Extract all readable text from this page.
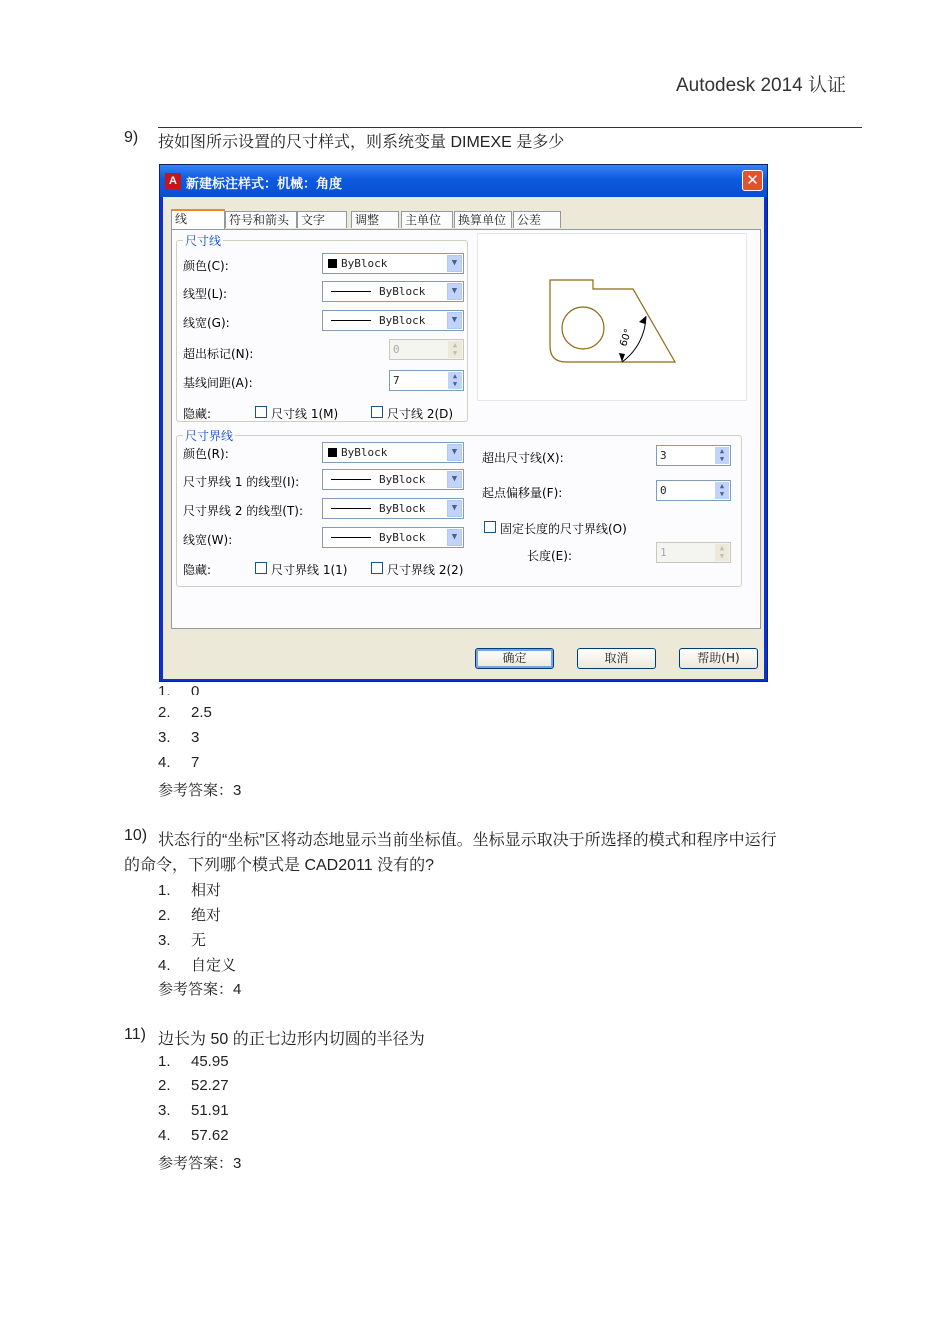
Autodesk 2014 认证
9) 按如图所示设置的尺寸样式，则系统变量 DIMEXE 是多少
A 新建标注样式：机械：角度	✕
线	符号和箭头 文字	调整	主单位	换算单位 公差
尺寸线
颜色(C):	ByBlock	▼
线型(L):	ByBlock	▼
线宽(G):	ByBlock	▼
超出标记(N):	0	▲
▼
基线间距(A):	7	▲
▼
隐藏:	尺寸线 1(M)	尺寸线 2(D)
60°
尺寸界线
颜色(R):	ByBlock	▼
尺寸界线 1 的线型(I):	ByBlock	▼
尺寸界线 2 的线型(T):	ByBlock	▼
线宽(W):	ByBlock	▼
隐藏:	尺寸界线 1(1)	尺寸界线 2(2)
超出尺寸线(X):	3	▲
▼
起点偏移量(F):	0	▲
▼
固定长度的尺寸界线(O)
长度(E):	1	▲
▼
确定	取消	帮助(H)
2. 2.5
3. 3
4. 7
1. 0
参考答案：3
10) 状态行的“坐标”区将动态地显示当前坐标值。坐标显示取决于所选择的模式和程序中运行
的命令，下列哪个模式是 CAD2011 没有的?
1. 相对
2. 绝对
3. 无
4. 自定义
参考答案：4
11) 边长为 50 的正七边形内切圆的半径为
1. 45.95
2. 52.27
3. 51.91
4. 57.62
参考答案：3
